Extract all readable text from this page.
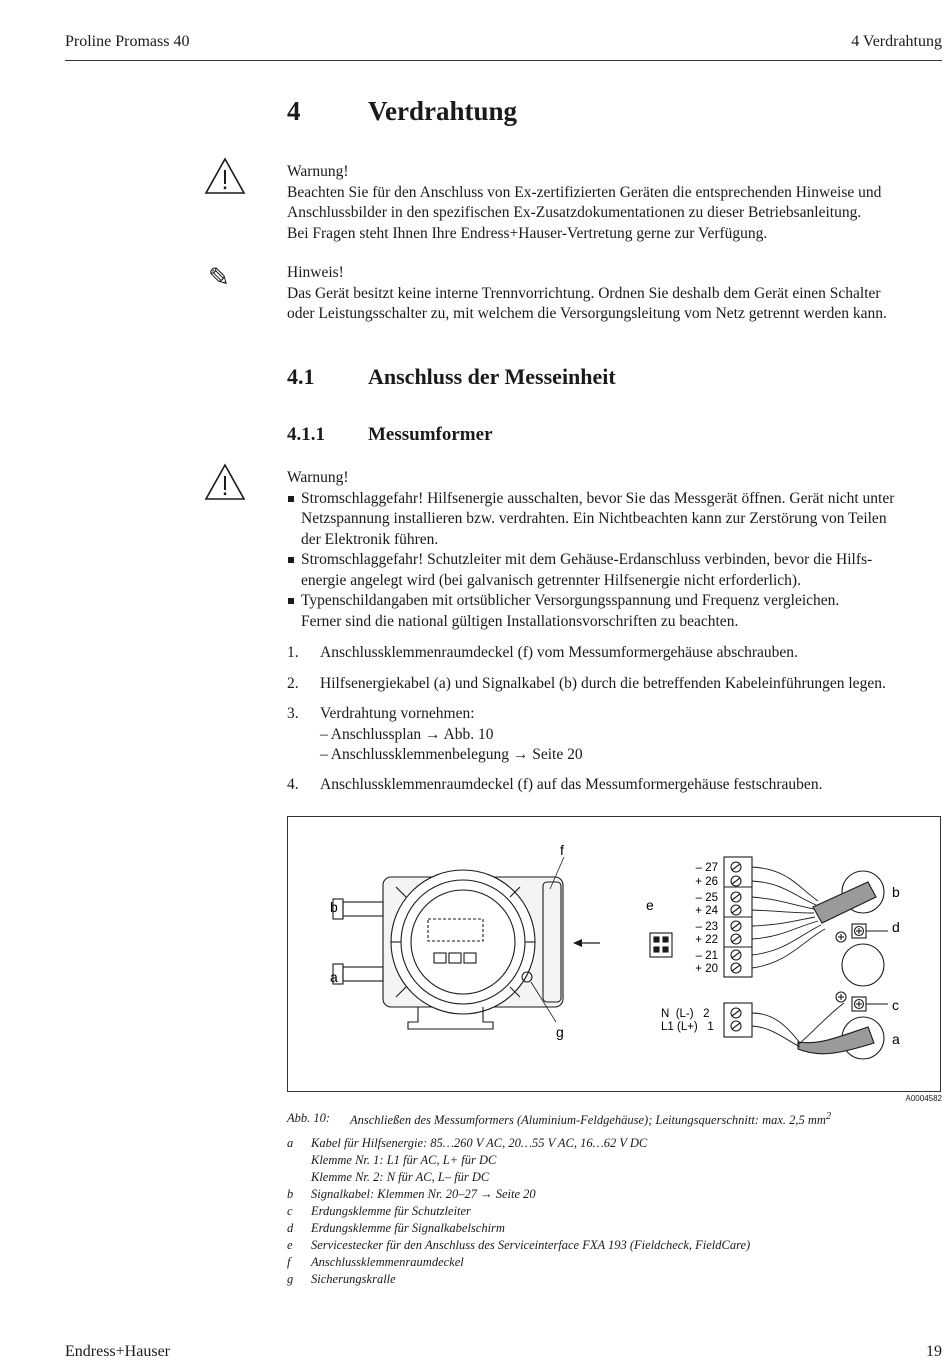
Proline Promass 40	4 Verdrahtung
4	Verdrahtung
Warnung!
Beachten Sie für den Anschluss von Ex-zertifizierten Geräten die entsprechenden Hinweise und
Anschlussbilder in den spezifischen Ex-Zusatzdokumentationen zu dieser Betriebsanleitung.
Bei Fragen steht Ihnen Ihre Endress+Hauser-Vertretung gerne zur Verfügung.
✎	Hinweis!
Das Gerät besitzt keine interne Trennvorrichtung. Ordnen Sie deshalb dem Gerät einen Schalter
oder Leistungsschalter zu, mit welchem die Versorgungsleitung vom Netz getrennt werden kann.
4.1 Anschluss der Messeinheit
4.1.1 Messumformer
Warnung!
Stromschlaggefahr! Hilfsenergie ausschalten, bevor Sie das Messgerät öffnen. Gerät nicht unter
Netzspannung installieren bzw. verdrahten. Ein Nichtbeachten kann zur Zerstörung von Teilen
der Elektronik führen.
Stromschlaggefahr! Schutzleiter mit dem Gehäuse-Erdanschluss verbinden, bevor die Hilfs-
energie angelegt wird (bei galvanisch getrennter Hilfsenergie nicht erforderlich).
Typenschildangaben mit ortsüblicher Versorgungsspannung und Frequenz vergleichen.
Ferner sind die national gültigen Installationsvorschriften zu beachten.
1. Anschlussklemmenraumdeckel (f) vom Messumformergehäuse abschrauben.
2. Hilfsenergiekabel (a) und Signalkabel (b) durch die betreffenden Kabeleinführungen legen.
3. Verdrahtung vornehmen:
– Anschlussplan → Abb. 10
– Anschlussklemmenbelegung → Seite 20
4. Anschlussklemmenraumdeckel (f) auf das Messumformergehäuse festschrauben.
b
a
f
g
e
– 27
+ 26
– 25
+ 24
– 23
+ 22
– 21
+ 20
N  (L-)   2
L1 (L+)   1
b
d
c
a
A0004582
Abb. 10: Anschließen des Messumformers (Aluminium-Feldgehäuse); Leitungsquerschnitt: max. 2,5 $mm^2$
a Kabel für Hilfsenergie: 85…260 V AC, 20…55 V AC, 16…62 V DC
Klemme Nr. 1: L1 für AC, L+ für DC
Klemme Nr. 2: N für AC, L– für DC
b Signalkabel: Klemmen Nr. 20–27 → Seite 20
c Erdungsklemme für Schutzleiter
d Erdungsklemme für Signalkabelschirm
e Servicestecker für den Anschluss des Serviceinterface FXA 193 (Fieldcheck, FieldCare)
f Anschlussklemmenraumdeckel
g Sicherungskralle
Endress+Hauser	19
